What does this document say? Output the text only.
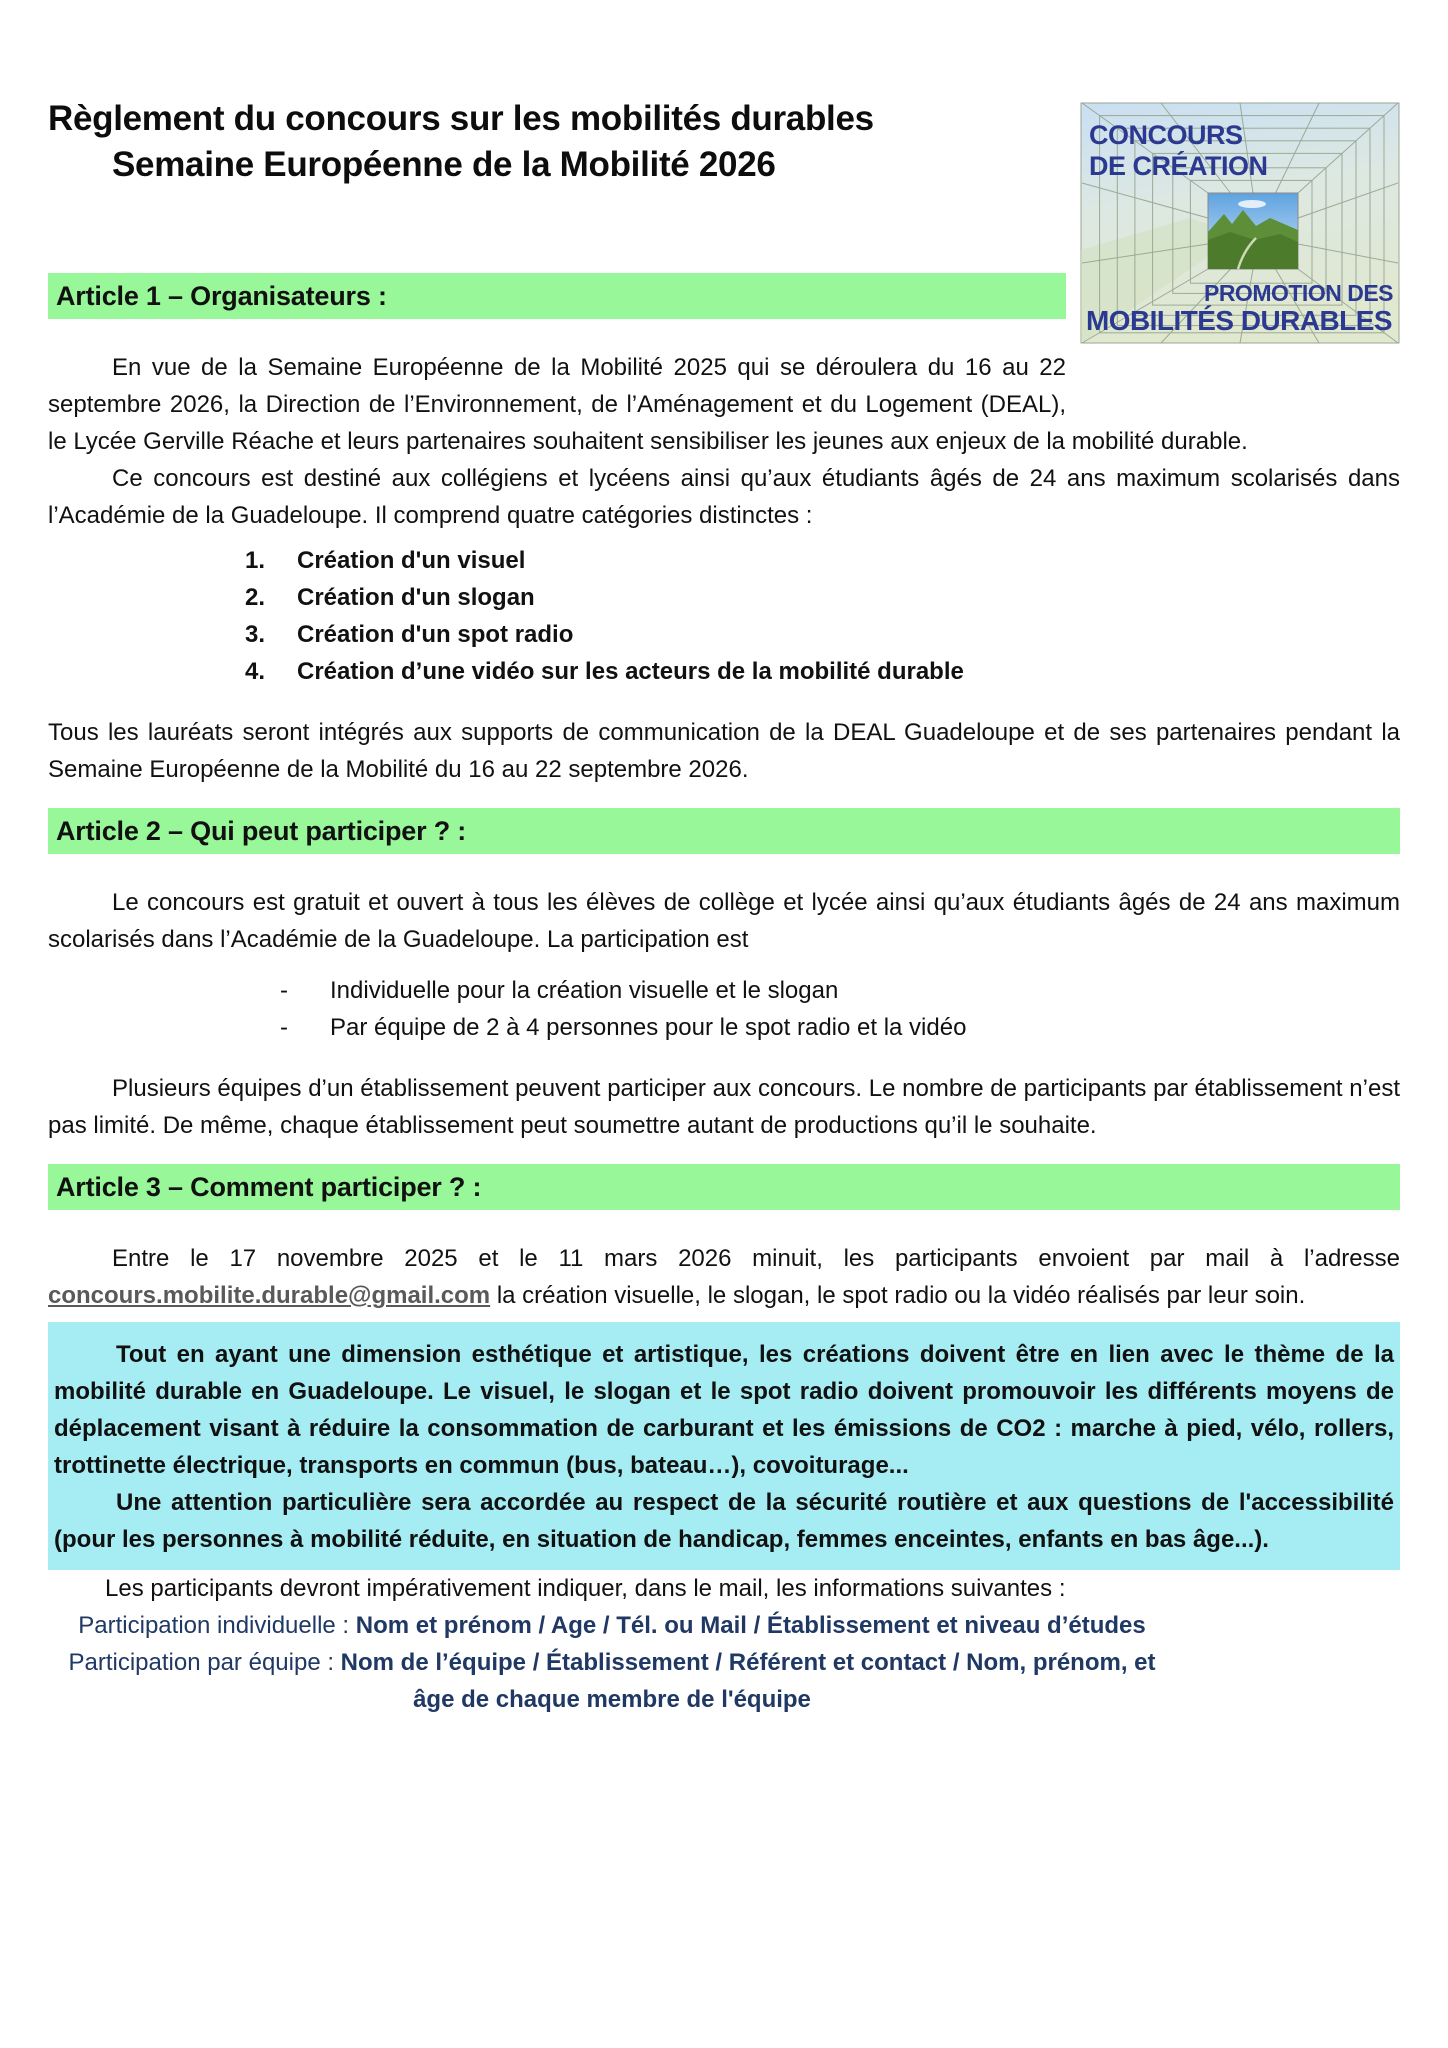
CONCOURS
DE CRÉATION
PROMOTION DES
MOBILITÉS DURABLES
Règlement du concours sur les mobilités durables
Semaine Européenne de la Mobilité 2026
Article 1 – Organisateurs :

En vue de la Semaine Européenne de la Mobilité 2025 qui se déroulera du 16 au 22 septembre 2026, la Direction de l’Environnement, de l’Aménagement et du Logement (DEAL), le Lycée Gerville Réache et leurs partenaires souhaitent sensibiliser les jeunes aux enjeux de la mobilité durable.

Ce concours est destiné aux collégiens et lycéens ainsi qu’aux étudiants âgés de 24 ans maximum scolarisés dans l’Académie de la Guadeloupe. Il comprend quatre catégories distinctes :

1. Création d'un visuel
2. Création d'un slogan
3. Création d'un spot radio
4. Création d’une vidéo sur les acteurs de la mobilité durable

Tous les lauréats seront intégrés aux supports de communication de la DEAL Guadeloupe et de ses partenaires pendant la Semaine Européenne de la Mobilité du 16 au 22 septembre 2026.

Article 2 – Qui peut participer ? :

Le concours est gratuit et ouvert à tous les élèves de collège et lycée ainsi qu’aux étudiants âgés de 24 ans maximum scolarisés dans l’Académie de la Guadeloupe. La participation est

- Individuelle pour la création visuelle et le slogan
- Par équipe de 2 à 4 personnes pour le spot radio et la vidéo

Plusieurs équipes d’un établissement peuvent participer aux concours. Le nombre de participants par établissement n’est pas limité. De même, chaque établissement peut soumettre autant de productions qu’il le souhaite.

Article 3 – Comment participer ? :

Entre le 17 novembre 2025 et le 11 mars 2026 minuit, les participants envoient par mail à l’adresse concours.mobilite.durable@gmail.com la création visuelle, le slogan, le spot radio ou la vidéo réalisés par leur soin.

Tout en ayant une dimension esthétique et artistique, les créations doivent être en lien avec le thème de la mobilité durable en Guadeloupe. Le visuel, le slogan et le spot radio doivent promouvoir les différents moyens de déplacement visant à réduire la consommation de carburant et les émissions de CO2 : marche à pied, vélo, rollers, trottinette électrique, transports en commun (bus, bateau…), covoiturage...

Une attention particulière sera accordée au respect de la sécurité routière et aux questions de l'accessibilité (pour les personnes à mobilité réduite, en situation de handicap, femmes enceintes, enfants en bas âge...).

Les participants devront impérativement indiquer, dans le mail, les informations suivantes :

Participation individuelle : Nom et prénom / Age / Tél. ou Mail / Établissement et niveau d’études
Participation par équipe : Nom de l’équipe / Établissement / Référent et contact / Nom, prénom, et
âge de chaque membre de l'équipe
